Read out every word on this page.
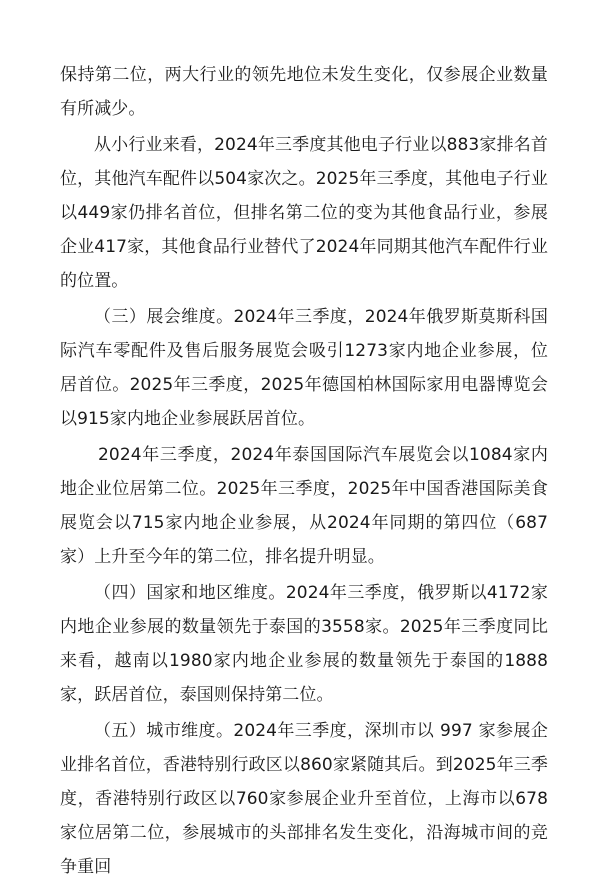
保持第二位，两大行业的领先地位未发生变化，仅参展企业数量有所减少。

从小行业来看，2024年三季度其他电子行业以883家排名首位，其他汽车配件以504家次之。2025年三季度，其他电子行业以449家仍排名首位，但排名第二位的变为其他食品行业，参展企业417家，其他食品行业替代了2024年同期其他汽车配件行业的位置。

（三）展会维度。2024年三季度，2024年俄罗斯莫斯科国际汽车零配件及售后服务展览会吸引1273家内地企业参展，位居首位。2025年三季度，2025年德国柏林国际家用电器博览会以915家内地企业参展跃居首位。

2024年三季度，2024年泰国国际汽车展览会以1084家内地企业位居第二位。2025年三季度，2025年中国香港国际美食展览会以715家内地企业参展，从2024年同期的第四位（687家）上升至今年的第二位，排名提升明显。

（四）国家和地区维度。2024年三季度，俄罗斯以4172家内地企业参展的数量领先于泰国的3558家。2025年三季度同比来看，越南以1980家内地企业参展的数量领先于泰国的1888家，跃居首位，泰国则保持第二位。

（五）城市维度。2024年三季度，深圳市以 997 家参展企业排名首位，香港特别行政区以860家紧随其后。到2025年三季度，香港特别行政区以760家参展企业升至首位，上海市以678家位居第二位，参展城市的头部排名发生变化，沿海城市间的竞争重回
